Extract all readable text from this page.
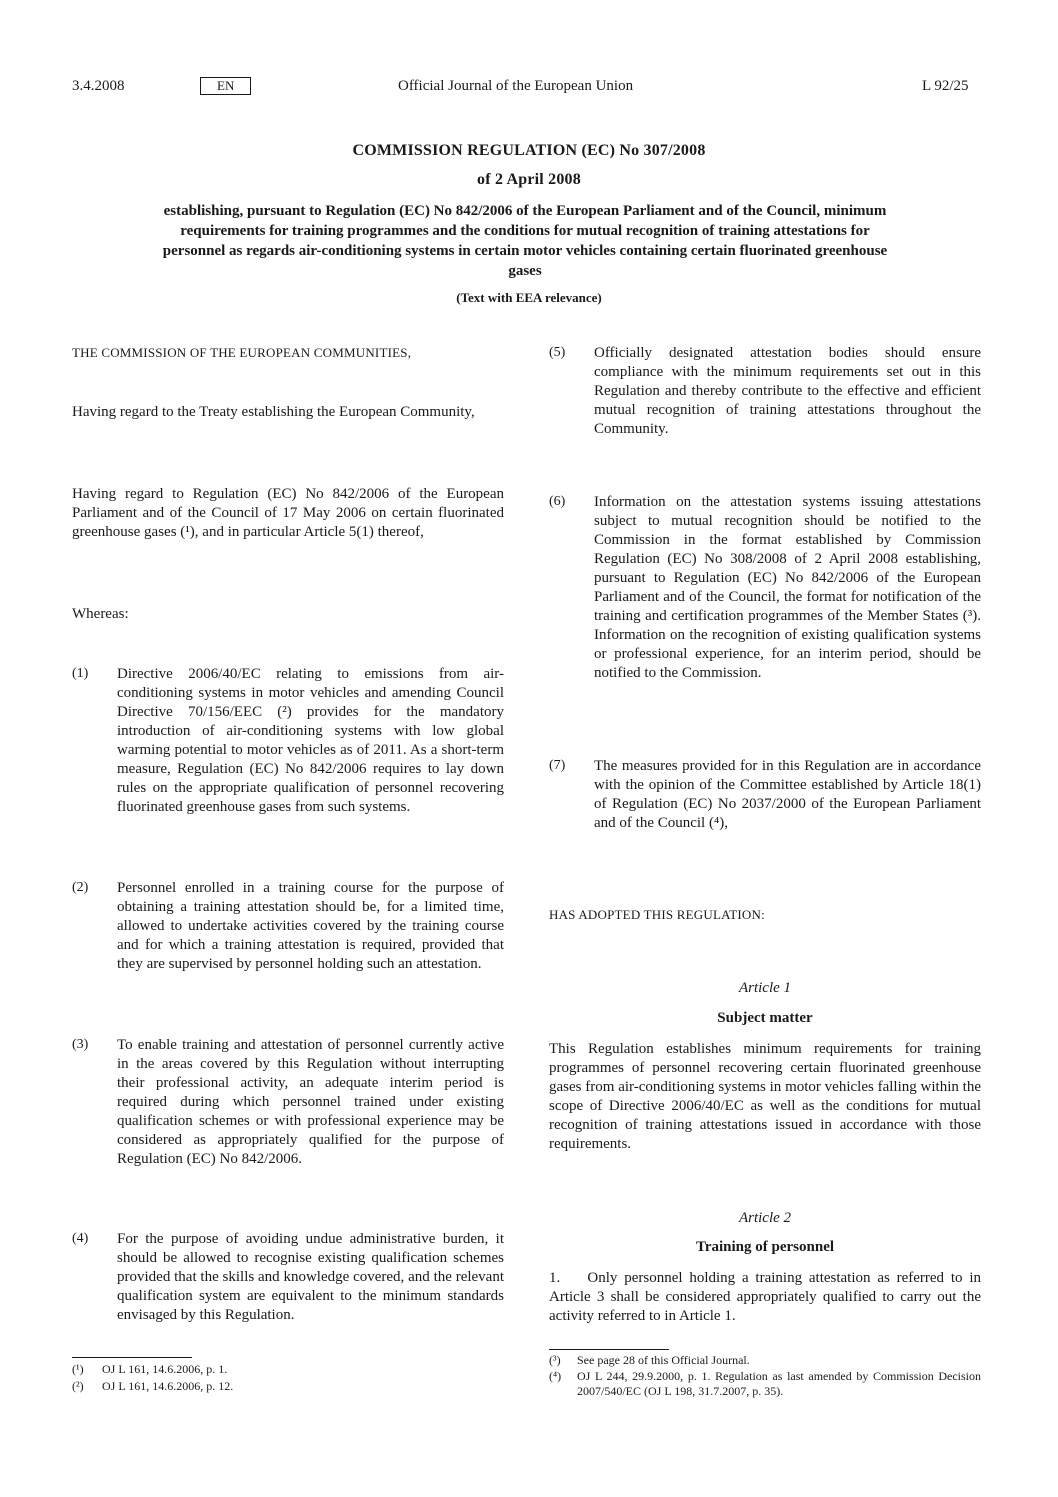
3.4.2008	EN	Official Journal of the European Union	L 92/25
COMMISSION REGULATION (EC) No 307/2008
of 2 April 2008
establishing, pursuant to Regulation (EC) No 842/2006 of the European Parliament and of the Council, minimum requirements for training programmes and the conditions for mutual recognition of training attestations for personnel as regards air-conditioning systems in certain motor vehicles containing certain fluorinated greenhouse gases
(Text with EEA relevance)
THE COMMISSION OF THE EUROPEAN COMMUNITIES,
Having regard to the Treaty establishing the European Community,
Having regard to Regulation (EC) No 842/2006 of the European Parliament and of the Council of 17 May 2006 on certain fluorinated greenhouse gases (¹), and in particular Article 5(1) thereof,
Whereas:
(1) Directive 2006/40/EC relating to emissions from air-conditioning systems in motor vehicles and amending Council Directive 70/156/EEC (²) provides for the mandatory introduction of air-conditioning systems with low global warming potential to motor vehicles as of 2011. As a short-term measure, Regulation (EC) No 842/2006 requires to lay down rules on the appropriate qualification of personnel recovering fluorinated greenhouse gases from such systems.
(2) Personnel enrolled in a training course for the purpose of obtaining a training attestation should be, for a limited time, allowed to undertake activities covered by the training course and for which a training attestation is required, provided that they are supervised by personnel holding such an attestation.
(3) To enable training and attestation of personnel currently active in the areas covered by this Regulation without interrupting their professional activity, an adequate interim period is required during which personnel trained under existing qualification schemes or with professional experience may be considered as appropriately qualified for the purpose of Regulation (EC) No 842/2006.
(4) For the purpose of avoiding undue administrative burden, it should be allowed to recognise existing qualification schemes provided that the skills and knowledge covered, and the relevant qualification system are equivalent to the minimum standards envisaged by this Regulation.
(¹) OJ L 161, 14.6.2006, p. 1.
(²) OJ L 161, 14.6.2006, p. 12.
(5) Officially designated attestation bodies should ensure compliance with the minimum requirements set out in this Regulation and thereby contribute to the effective and efficient mutual recognition of training attestations throughout the Community.
(6) Information on the attestation systems issuing attestations subject to mutual recognition should be notified to the Commission in the format established by Commission Regulation (EC) No 308/2008 of 2 April 2008 establishing, pursuant to Regulation (EC) No 842/2006 of the European Parliament and of the Council, the format for notification of the training and certification programmes of the Member States (³). Information on the recognition of existing qualification systems or professional experience, for an interim period, should be notified to the Commission.
(7) The measures provided for in this Regulation are in accordance with the opinion of the Committee established by Article 18(1) of Regulation (EC) No 2037/2000 of the European Parliament and of the Council (⁴),
HAS ADOPTED THIS REGULATION:
Article 1
Subject matter
This Regulation establishes minimum requirements for training programmes of personnel recovering certain fluorinated greenhouse gases from air-conditioning systems in motor vehicles falling within the scope of Directive 2006/40/EC as well as the conditions for mutual recognition of training attestations issued in accordance with those requirements.
Article 2
Training of personnel
1.    Only personnel holding a training attestation as referred to in Article 3 shall be considered appropriately qualified to carry out the activity referred to in Article 1.
(³) See page 28 of this Official Journal.
(⁴) OJ L 244, 29.9.2000, p. 1. Regulation as last amended by Commission Decision 2007/540/EC (OJ L 198, 31.7.2007, p. 35).
